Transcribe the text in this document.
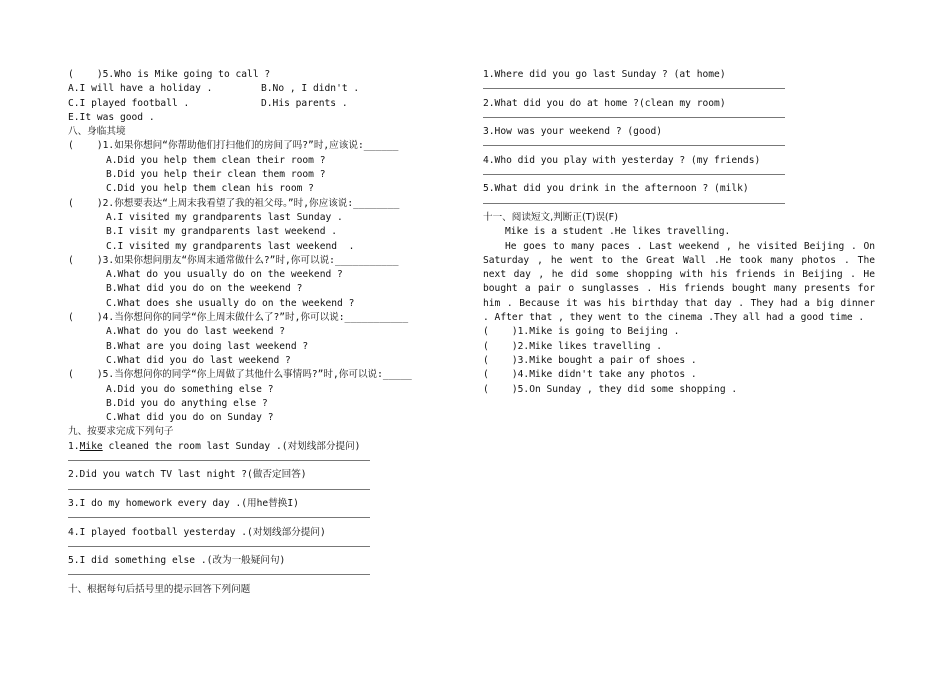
(    )5.Who is Mike going to call ?
A.I will have a holiday .	B.No , I didn't .
C.I played football .	D.His parents .
E.It was good .
八、身临其境
(    )1.如果你想问“你帮助他们打扫他们的房间了吗?”时,应该说:______
A.Did you help them clean their room ?
B.Did you help their clean them room ?
C.Did you help them clean his room ?
(    )2.你想要表达“上周末我看望了我的祖父母。”时,你应该说:________
A.I visited my grandparents last Sunday .
B.I visit my grandparents last weekend .
C.I visited my grandparents last weekend  .
(    )3.如果你想问朋友“你周末通常做什么?”时,你可以说:___________
A.What do you usually do on the weekend ?
B.What did you do on the weekend ?
C.What does she usually do on the weekend ?
(    )4.当你想问你的同学“你上周末做什么了?”时,你可以说:___________
A.What do you do last weekend ?
B.What are you doing last weekend ?
C.What did you do last weekend ?
(    )5.当你想问你的同学“你上周做了其他什么事情吗?”时,你可以说:_____
A.Did you do something else ?
B.Did you do anything else ?
C.What did you do on Sunday ?
九、按要求完成下列句子
1.Mike cleaned the room last Sunday .(对划线部分提问)
2.Did you watch TV last night ?(做否定回答)
3.I do my homework every day .(用he替换I)
4.I played football yesterday .(对划线部分提问)
5.I did something else .(改为一般疑问句)
十、根据每句后括号里的提示回答下列问题
1.Where did you go last Sunday ? (at home)
2.What did you do at home ?(clean my room)
3.How was your weekend ? (good)
4.Who did you play with yesterday ? (my friends)
5.What did you drink in the afternoon ? (milk)
十一、阅读短文,判断正(T)误(F)

Mike is a student .He likes travelling.

He goes to many paces . Last weekend , he visited Beijing . On Saturday , he went to the Great Wall .He took many photos . The next day , he did some shopping with his friends in Beijing . He bought a pair o sunglasses . His friends bought many presents for him . Because it was his birthday that day . They had a big dinner . After that , they went to the cinema .They all had a good time .

(    )1.Mike is going to Beijing .
(    )2.Mike likes travelling .
(    )3.Mike bought a pair of shoes .
(    )4.Mike didn't take any photos .
(    )5.On Sunday , they did some shopping .
